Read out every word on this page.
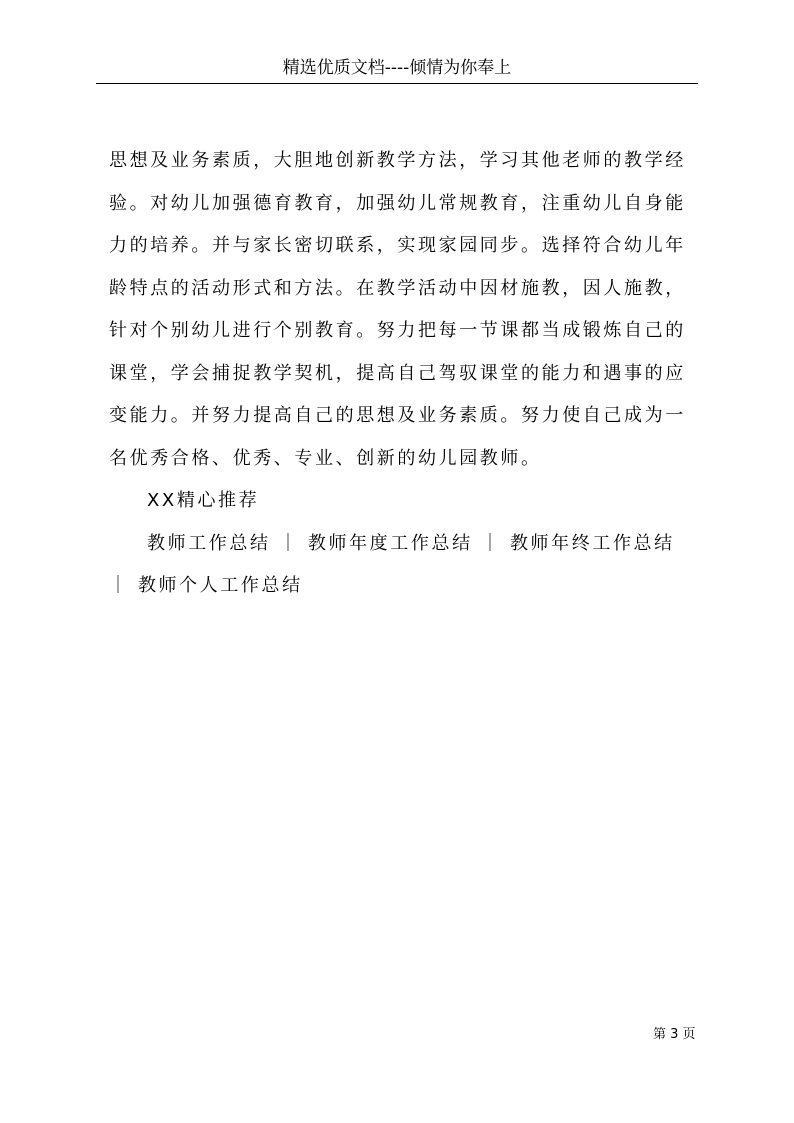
精选优质文档----倾情为你奉上
思想及业务素质，大胆地创新教学方法，学习其他老师的教学经
验。对幼儿加强德育教育，加强幼儿常规教育，注重幼儿自身能
力的培养。并与家长密切联系，实现家园同步。选择符合幼儿年
龄特点的活动形式和方法。在教学活动中因材施教，因人施教，
针对个别幼儿进行个别教育。努力把每一节课都当成锻炼自己的
课堂，学会捕捉教学契机，提高自己驾驭课堂的能力和遇事的应
变能力。并努力提高自己的思想及业务素质。努力使自己成为一
名优秀合格、优秀、专业、创新的幼儿园教师。
XX精心推荐
教师工作总结 ｜ 教师年度工作总结 ｜ 教师年终工作总结
｜ 教师个人工作总结
第 3 页
